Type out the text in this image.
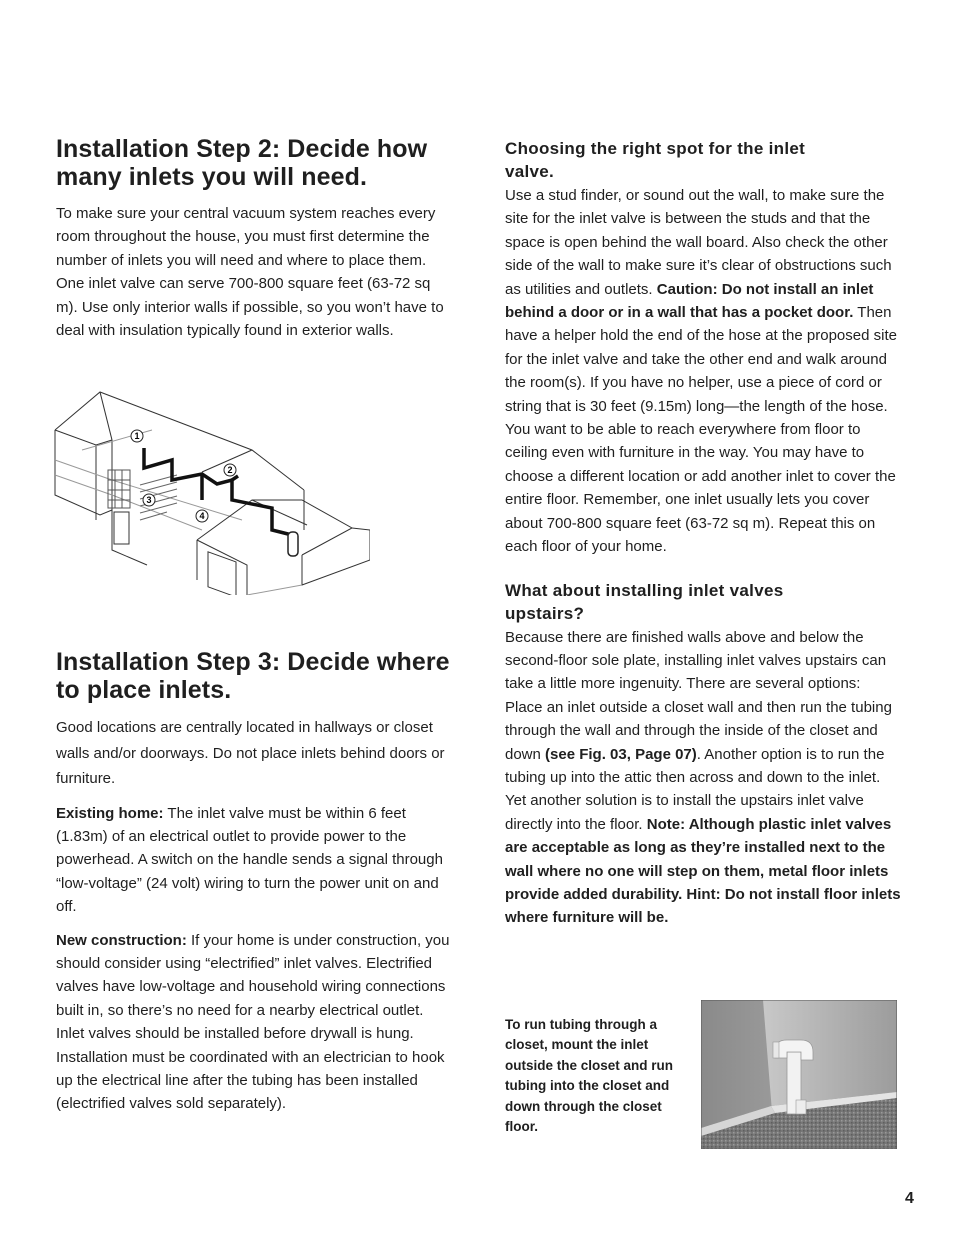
Installation Step 2: Decide how many inlets you will need.

To make sure your central vacuum system reaches every room throughout the house, you must first determine the number of inlets you will need and where to place them. One inlet valve can serve 700-800 square feet (63-72 sq m). Use only interior walls if possible, so you won’t have to deal with insulation typically found in exterior walls.

1
2
3
4
Installation Step 3: Decide where to place inlets.

Good locations are centrally located in hallways or closet walls and/or doorways. Do not place inlets behind doors or furniture.

Existing home: The inlet valve must be within 6 feet (1.83m) of an electrical outlet to provide power to the powerhead. A switch on the handle sends a signal through “low-voltage” (24 volt) wiring to turn the power unit on and off.

New construction: If your home is under construction, you should consider using “electrified” inlet valves. Electrified valves have low-voltage and household wiring connections built in, so there’s no need for a nearby electrical outlet. Inlet valves should be installed before drywall is hung. Installation must be coordinated with an electrician to hook up the electrical line after the tubing has been installed (electrified valves sold separately).

Choosing the right spot for the inlet valve.

Use a stud finder, or sound out the wall, to make sure the site for the inlet valve is between the studs and that the space is open behind the wall board. Also check the other side of the wall to make sure it’s clear of obstructions such as utilities and outlets. Caution: Do not install an inlet behind a door or in a wall that has a pocket door. Then have a helper hold the end of the hose at the proposed site for the inlet valve and take the other end and walk around the room(s). If you have no helper, use a piece of cord or string that is 30 feet (9.15m) long—the length of the hose. You want to be able to reach everywhere from floor to ceiling even with furniture in the way. You may have to choose a different location or add another inlet to cover the entire floor. Remember, one inlet usually lets you cover about 700-800 square feet (63-72 sq m). Repeat this on each floor of your home.

What about installing inlet valves upstairs?

Because there are finished walls above and below the second-floor sole plate, installing inlet valves upstairs can take a little more ingenuity. There are several options: Place an inlet outside a closet wall and then run the tubing through the wall and through the inside of the closet and down (see Fig. 03, Page 07). Another option is to run the tubing up into the attic then across and down to the inlet. Yet another solution is to install the upstairs inlet valve directly into the floor. Note: Although plastic inlet valves are acceptable as long as they’re installed next to the wall where no one will step on them, metal floor inlets provide added durability. Hint: Do not install floor inlets where furniture will be.

To run tubing through a closet, mount the inlet outside the closet and run tubing into the closet and down through the closet floor.
4
